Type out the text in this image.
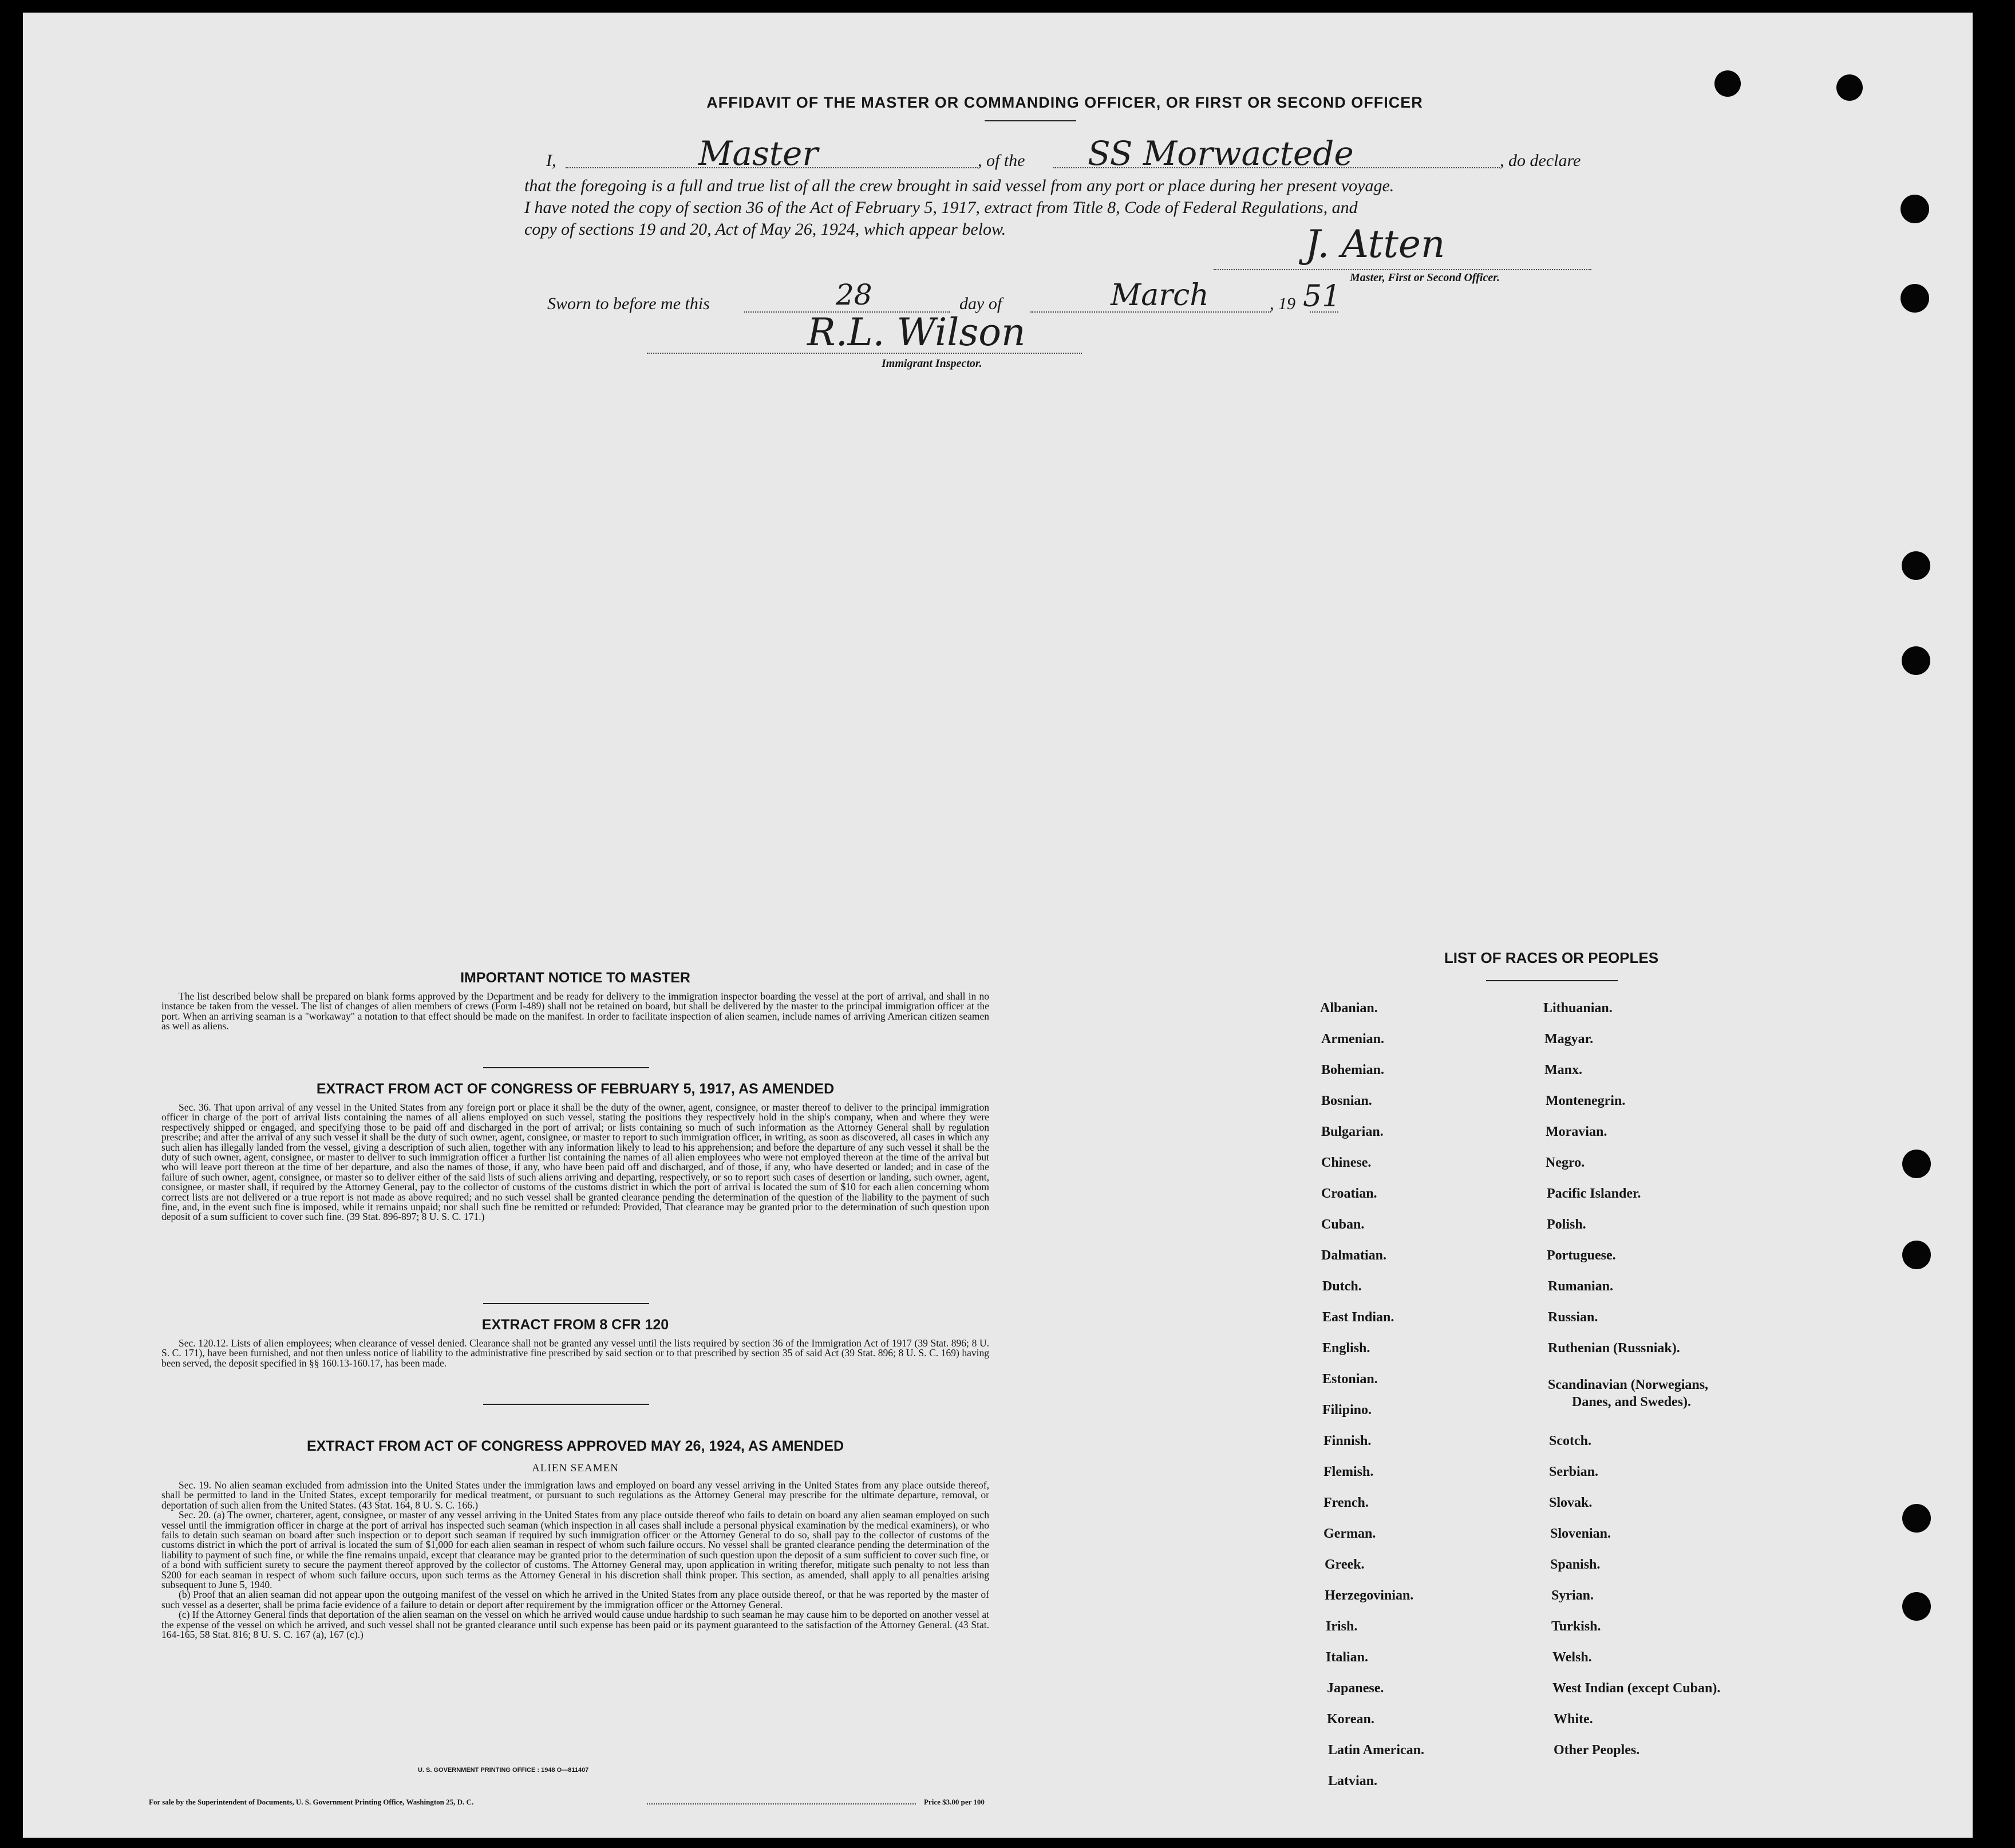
AFFIDAVIT OF THE MASTER OR COMMANDING OFFICER, OR FIRST OR SECOND OFFICER
I,	Master	, of the SS Morwactede	, do declare
that the foregoing is a full and true list of all the crew brought in said vessel from any port or place during her present voyage.
I have noted the copy of section 36 of the Act of February 5, 1917, extract from Title 8, Code of Federal Regulations, and
copy of sections 19 and 20, Act of May 26, 1924, which appear below.	J. Atten
Master, First or Second Officer.
Sworn to before me this	28	day of	March	, 19 51
R.L. Wilson
Immigrant Inspector.
IMPORTANT NOTICE TO MASTER

The list described below shall be prepared on blank forms approved by the Department and be ready for delivery to the immigration inspector boarding the vessel at the port of arrival, and shall in no instance be taken from the vessel. The list of changes of alien members of crews (Form I-489) shall not be retained on board, but shall be delivered by the master to the principal immigration officer at the port. When an arriving seaman is a "workaway" a notation to that effect should be made on the manifest. In order to facilitate inspection of alien seamen, include names of arriving American citizen seamen as well as aliens.

EXTRACT FROM ACT OF CONGRESS OF FEBRUARY 5, 1917, AS AMENDED

Sec. 36. That upon arrival of any vessel in the United States from any foreign port or place it shall be the duty of the owner, agent, consignee, or master thereof to deliver to the principal immigration officer in charge of the port of arrival lists containing the names of all aliens employed on such vessel, stating the positions they respectively hold in the ship's company, when and where they were respectively shipped or engaged, and specifying those to be paid off and discharged in the port of arrival; or lists containing so much of such information as the Attorney General shall by regulation prescribe; and after the arrival of any such vessel it shall be the duty of such owner, agent, consignee, or master to report to such immigration officer, in writing, as soon as discovered, all cases in which any such alien has illegally landed from the vessel, giving a description of such alien, together with any information likely to lead to his apprehension; and before the departure of any such vessel it shall be the duty of such owner, agent, consignee, or master to deliver to such immigration officer a further list containing the names of all alien employees who were not employed thereon at the time of the arrival but who will leave port thereon at the time of her departure, and also the names of those, if any, who have been paid off and discharged, and of those, if any, who have deserted or landed; and in case of the failure of such owner, agent, consignee, or master so to deliver either of the said lists of such aliens arriving and departing, respectively, or so to report such cases of desertion or landing, such owner, agent, consignee, or master shall, if required by the Attorney General, pay to the collector of customs of the customs district in which the port of arrival is located the sum of $10 for each alien concerning whom correct lists are not delivered or a true report is not made as above required; and no such vessel shall be granted clearance pending the determination of the question of the liability to the payment of such fine, and, in the event such fine is imposed, while it remains unpaid; nor shall such fine be remitted or refunded: Provided, That clearance may be granted prior to the determination of such question upon deposit of a sum sufficient to cover such fine. (39 Stat. 896-897; 8 U. S. C. 171.)

EXTRACT FROM 8 CFR 120

Sec. 120.12. Lists of alien employees; when clearance of vessel denied. Clearance shall not be granted any vessel until the lists required by section 36 of the Immigration Act of 1917 (39 Stat. 896; 8 U. S. C. 171), have been furnished, and not then unless notice of liability to the administrative fine prescribed by said section or to that prescribed by section 35 of said Act (39 Stat. 896; 8 U. S. C. 169) having been served, the deposit specified in §§ 160.13-160.17, has been made.

EXTRACT FROM ACT OF CONGRESS APPROVED MAY 26, 1924, AS AMENDED
ALIEN SEAMEN

Sec. 19. No alien seaman excluded from admission into the United States under the immigration laws and employed on board any vessel arriving in the United States from any place outside thereof, shall be permitted to land in the United States, except temporarily for medical treatment, or pursuant to such regulations as the Attorney General may prescribe for the ultimate departure, removal, or deportation of such alien from the United States. (43 Stat. 164, 8 U. S. C. 166.)

Sec. 20. (a) The owner, charterer, agent, consignee, or master of any vessel arriving in the United States from any place outside thereof who fails to detain on board any alien seaman employed on such vessel until the immigration officer in charge at the port of arrival has inspected such seaman (which inspection in all cases shall include a personal physical examination by the medical examiners), or who fails to detain such seaman on board after such inspection or to deport such seaman if required by such immigration officer or the Attorney General to do so, shall pay to the collector of customs of the customs district in which the port of arrival is located the sum of $1,000 for each alien seaman in respect of whom such failure occurs. No vessel shall be granted clearance pending the determination of the liability to payment of such fine, or while the fine remains unpaid, except that clearance may be granted prior to the determination of such question upon the deposit of a sum sufficient to cover such fine, or of a bond with sufficient surety to secure the payment thereof approved by the collector of customs. The Attorney General may, upon application in writing therefor, mitigate such penalty to not less than $200 for each seaman in respect of whom such failure occurs, upon such terms as the Attorney General in his discretion shall think proper. This section, as amended, shall apply to all penalties arising subsequent to June 5, 1940.

(b) Proof that an alien seaman did not appear upon the outgoing manifest of the vessel on which he arrived in the United States from any place outside thereof, or that he was reported by the master of such vessel as a deserter, shall be prima facie evidence of a failure to detain or deport after requirement by the immigration officer or the Attorney General.

(c) If the Attorney General finds that deportation of the alien seaman on the vessel on which he arrived would cause undue hardship to such seaman he may cause him to be deported on another vessel at the expense of the vessel on which he arrived, and such vessel shall not be granted clearance until such expense has been paid or its payment guaranteed to the satisfaction of the Attorney General. (43 Stat. 164-165, 58 Stat. 816; 8 U. S. C. 167 (a), 167 (c).)

U. S. GOVERNMENT PRINTING OFFICE : 1948 O—811407
For sale by the Superintendent of Documents, U. S. Government Printing Office, Washington 25, D. C.	Price $3.00 per 100
LIST OF RACES OR PEOPLES
Albanian.
Armenian.
Bohemian.
Bosnian.
Bulgarian.
Chinese.
Croatian.
Cuban.
Dalmatian.
Dutch.
East Indian.
English.
Estonian.
Filipino.
Finnish.
Flemish.
French.
German.
Greek.
Herzegovinian.
Irish.
Italian.
Japanese.
Korean.
Latin American.
Latvian.
Lithuanian.
Magyar.
Manx.
Montenegrin.
Moravian.
Negro.
Pacific Islander.
Polish.
Portuguese.
Rumanian.
Russian.
Ruthenian (Russniak).
Scandinavian (Norwegians,
Danes, and Swedes).
Scotch.
Serbian.
Slovak.
Slovenian.
Spanish.
Syrian.
Turkish.
Welsh.
West Indian (except Cuban).
White.
Other Peoples.
